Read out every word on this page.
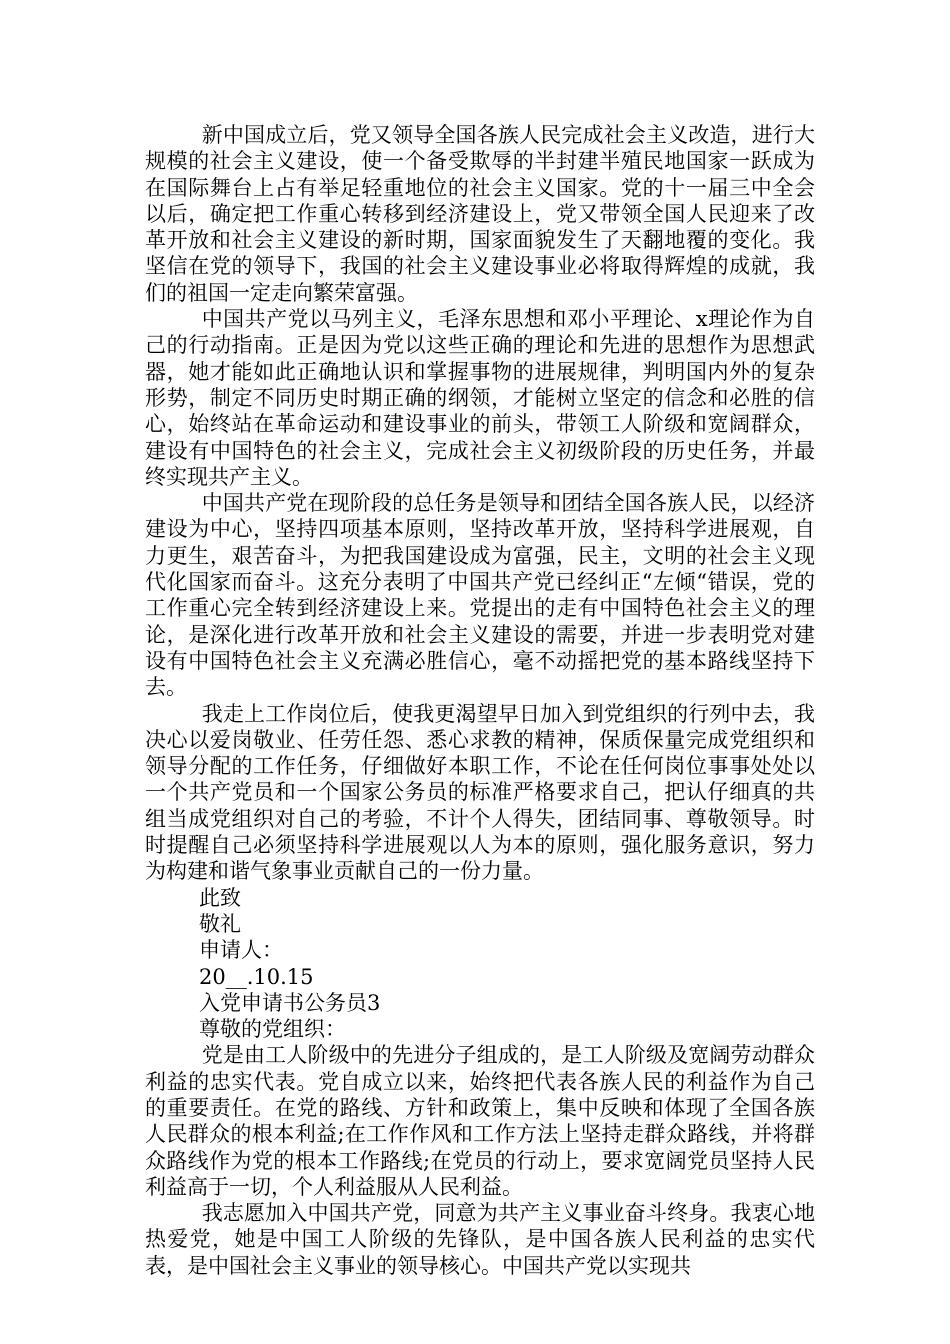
新中国成立后，党又领导全国各族人民完成社会主义改造，进行大规模的社会主义建设，使一个备受欺辱的半封建半殖民地国家一跃成为在国际舞台上占有举足轻重地位的社会主义国家。党的十一届三中全会以后，确定把工作重心转移到经济建设上，党又带领全国人民迎来了改革开放和社会主义建设的新时期，国家面貌发生了天翻地覆的变化。我坚信在党的领导下，我国的社会主义建设事业必将取得辉煌的成就，我们的祖国一定走向繁荣富强。

中国共产党以马列主义，毛泽东思想和邓小平理论、x理论作为自己的行动指南。正是因为党以这些正确的理论和先进的思想作为思想武器，她才能如此正确地认识和掌握事物的进展规律，判明国内外的复杂形势，制定不同历史时期正确的纲领，才能树立坚定的信念和必胜的信心，始终站在革命运动和建设事业的前头，带领工人阶级和宽阔群众，建设有中国特色的社会主义，完成社会主义初级阶段的历史任务，并最终实现共产主义。

中国共产党在现阶段的总任务是领导和团结全国各族人民，以经济建设为中心，坚持四项基本原则，坚持改革开放，坚持科学进展观，自力更生，艰苦奋斗，为把我国建设成为富强，民主，文明的社会主义现代化国家而奋斗。这充分表明了中国共产党已经纠正“左倾“错误，党的工作重心完全转到经济建设上来。党提出的走有中国特色社会主义的理论，是深化进行改革开放和社会主义建设的需要，并进一步表明党对建设有中国特色社会主义充满必胜信心，毫不动摇把党的基本路线坚持下去。

我走上工作岗位后，使我更渴望早日加入到党组织的行列中去，我决心以爱岗敬业、任劳任怨、悉心求教的精神，保质保量完成党组织和领导分配的工作任务，仔细做好本职工作，不论在任何岗位事事处处以一个共产党员和一个国家公务员的标准严格要求自己，把认仔细真的共组当成党组织对自己的考验，不计个人得失，团结同事、尊敬领导。时时提醒自己必须坚持科学进展观以人为本的原则，强化服务意识，努力为构建和谐气象事业贡献自己的一份力量。

此致

敬礼

申请人：

20__.10.15

入党申请书公务员3

尊敬的党组织：

党是由工人阶级中的先进分子组成的，是工人阶级及宽阔劳动群众利益的忠实代表。党自成立以来，始终把代表各族人民的利益作为自己的重要责任。在党的路线、方针和政策上，集中反映和体现了全国各族人民群众的根本利益;在工作作风和工作方法上坚持走群众路线，并将群众路线作为党的根本工作路线;在党员的行动上，要求宽阔党员坚持人民利益高于一切，个人利益服从人民利益。

我志愿加入中国共产党，同意为共产主义事业奋斗终身。我衷心地热爱党，她是中国工人阶级的先锋队，是中国各族人民利益的忠实代表，是中国社会主义事业的领导核心。中国共产党以实现共
